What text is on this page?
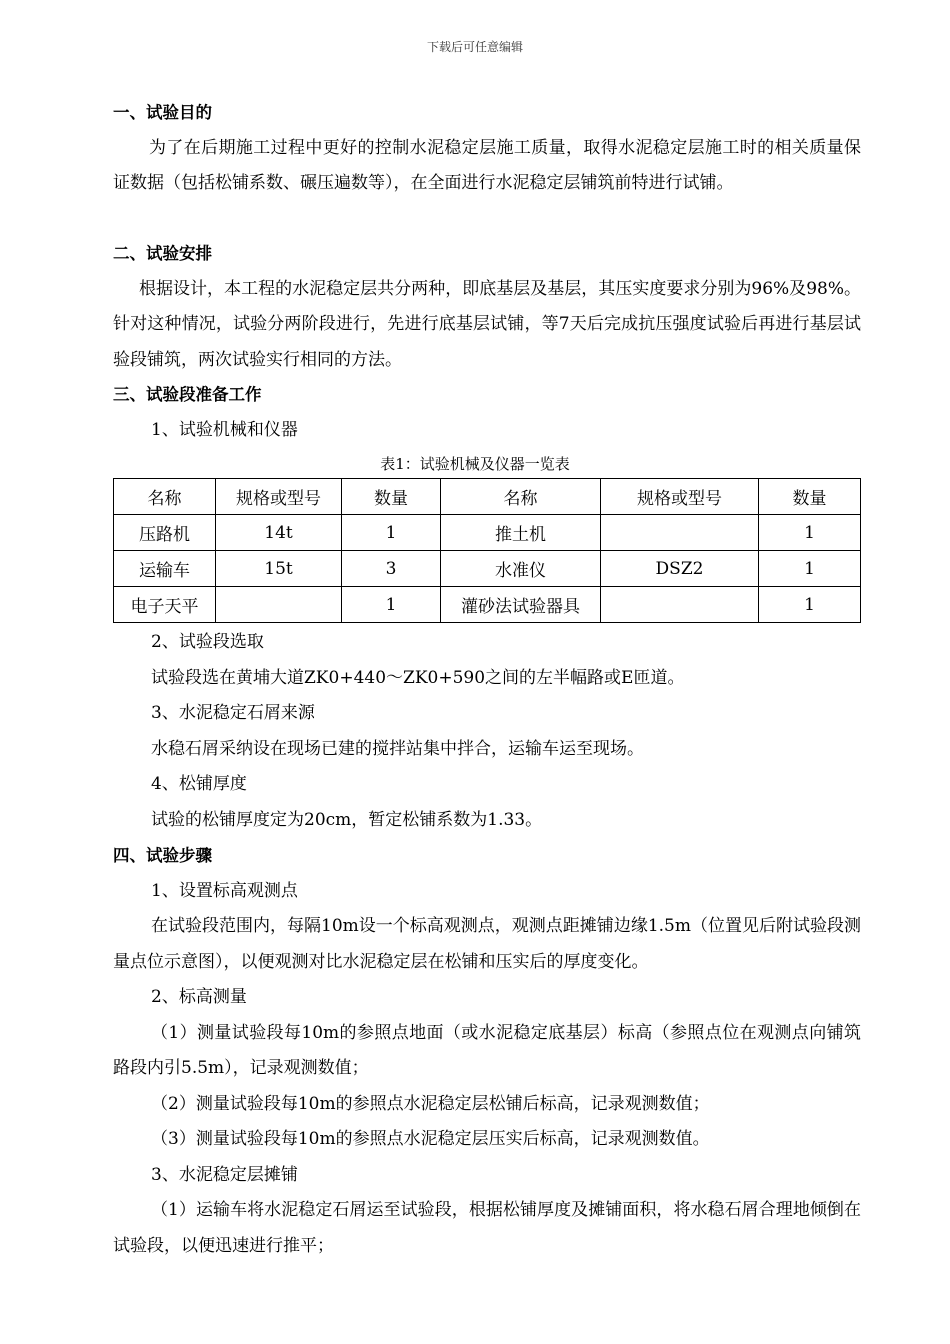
下载后可任意编辑
一、试验目的
为了在后期施工过程中更好的控制水泥稳定层施工质量，取得水泥稳定层施工时的相关质量保证数据（包括松铺系数、碾压遍数等），在全面进行水泥稳定层铺筑前特进行试铺。
二、试验安排
根据设计，本工程的水泥稳定层共分两种，即底基层及基层，其压实度要求分别为96%及98%。针对这种情况，试验分两阶段进行，先进行底基层试铺，等7天后完成抗压强度试验后再进行基层试验段铺筑，两次试验实行相同的方法。
三、试验段准备工作
1、试验机械和仪器
表1：试验机械及仪器一览表
名称	规格或型号	数量	名称	规格或型号	数量
压路机	14t	1	推土机		1
运输车	15t	3	水准仪	DSZ2	1
电子天平		1	灌砂法试验器具		1
2、试验段选取
试验段选在黄埔大道ZK0+440～ZK0+590之间的左半幅路或E匝道。
3、水泥稳定石屑来源
水稳石屑采纳设在现场已建的搅拌站集中拌合，运输车运至现场。
4、松铺厚度
试验的松铺厚度定为20cm，暂定松铺系数为1.33。
四、试验步骤
1、设置标高观测点
在试验段范围内，每隔10m设一个标高观测点，观测点距摊铺边缘1.5m（位置见后附试验段测量点位示意图），以便观测对比水泥稳定层在松铺和压实后的厚度变化。
2、标高测量
（1）测量试验段每10m的参照点地面（或水泥稳定底基层）标高（参照点位在观测点向铺筑路段内引5.5m），记录观测数值；
（2）测量试验段每10m的参照点水泥稳定层松铺后标高，记录观测数值；
（3）测量试验段每10m的参照点水泥稳定层压实后标高，记录观测数值。
3、水泥稳定层摊铺
（1）运输车将水泥稳定石屑运至试验段，根据松铺厚度及摊铺面积，将水稳石屑合理地倾倒在试验段，以便迅速进行推平；
